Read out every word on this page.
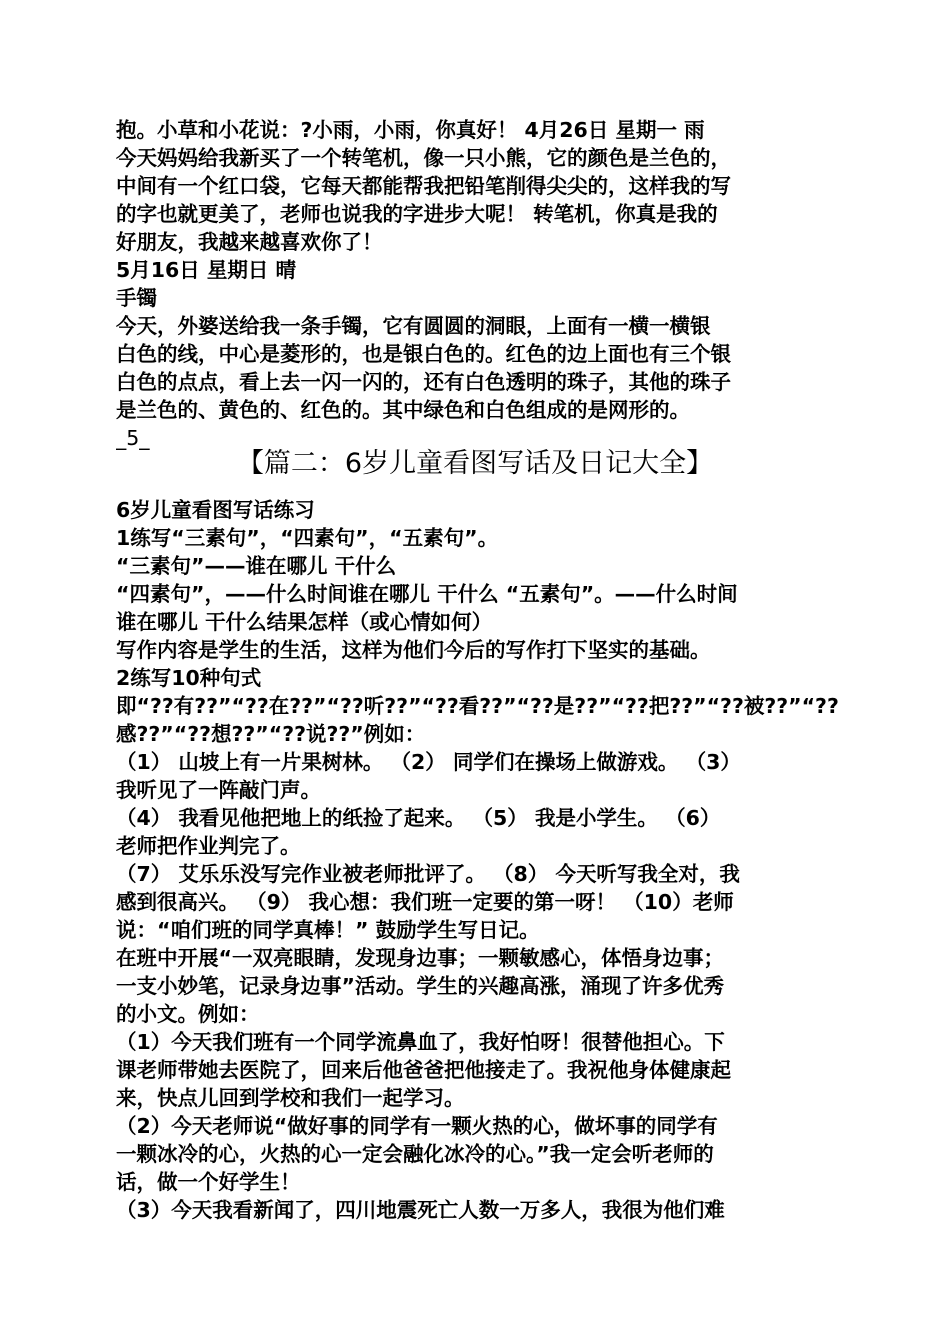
抱。小草和小花说：?小雨，小雨，你真好！ 4月26日 星期一 雨
今天妈妈给我新买了一个转笔机，像一只小熊，它的颜色是兰色的，
中间有一个红口袋，它每天都能帮我把铅笔削得尖尖的，这样我的写
的字也就更美了，老师也说我的字进步大呢！ 转笔机，你真是我的
好朋友，我越来越喜欢你了！
5月16日 星期日 晴
手镯
今天，外婆送给我一条手镯，它有圆圆的洞眼，上面有一横一横银
白色的线，中心是菱形的，也是银白色的。红色的边上面也有三个银
白色的点点，看上去一闪一闪的，还有白色透明的珠子，其他的珠子
是兰色的、黄色的、红色的。其中绿色和白色组成的是网形的。
_5_
【篇二：6岁儿童看图写话及日记大全】
6岁儿童看图写话练习
1练写“三素句”，“四素句”，“五素句”。
“三素句”——谁在哪儿 干什么
“四素句”，——什么时间谁在哪儿 干什么 “五素句”。——什么时间
谁在哪儿 干什么结果怎样（或心情如何）
写作内容是学生的生活，这样为他们今后的写作打下坚实的基础。
2练写10种句式
即“??有??”“??在??”“??听??”“??看??”“??是??”“??把??”“??被??”“??
感??”“??想??”“??说??”例如：
（1） 山坡上有一片果树林。 （2） 同学们在操场上做游戏。 （3）
我听见了一阵敲门声。
（4） 我看见他把地上的纸捡了起来。 （5） 我是小学生。 （6）
老师把作业判完了。
（7） 艾乐乐没写完作业被老师批评了。 （8） 今天听写我全对，我
感到很高兴。 （9） 我心想：我们班一定要的第一呀！ （10）老师
说：“咱们班的同学真棒！” 鼓励学生写日记。
在班中开展“一双亮眼睛，发现身边事；一颗敏感心，体悟身边事；
一支小妙笔，记录身边事”活动。学生的兴趣高涨，涌现了许多优秀
的小文。例如：
（1）今天我们班有一个同学流鼻血了，我好怕呀！很替他担心。下
课老师带她去医院了，回来后他爸爸把他接走了。我祝他身体健康起
来，快点儿回到学校和我们一起学习。
（2）今天老师说“做好事的同学有一颗火热的心，做坏事的同学有
一颗冰冷的心，火热的心一定会融化冰冷的心。”我一定会听老师的
话，做一个好学生！
（3）今天我看新闻了，四川地震死亡人数一万多人，我很为他们难
